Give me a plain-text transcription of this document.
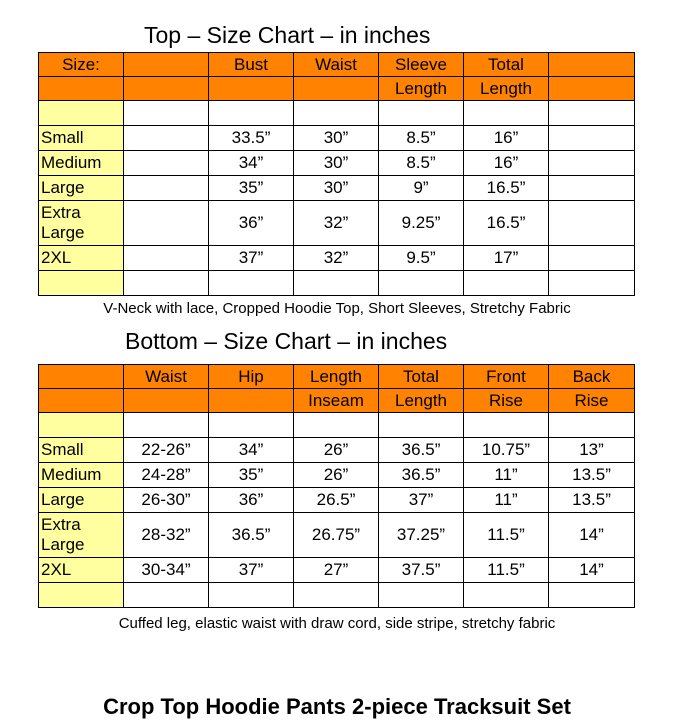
Top – Size Chart – in inches
Size:		Bust	Waist	Sleeve	Total	
				Length	Length	

Small		33.5”	30”	8.5”	16”	
Medium		34”	30”	8.5”	16”	
Large		35”	30”	9”	16.5”	
Extra Large		36”	32”	9.25”	16.5”	
2XL		37”	32”	9.5”	17”	

V-Neck with lace, Cropped Hoodie Top, Short Sleeves, Stretchy Fabric
Bottom – Size Chart – in inches
	Waist	Hip	Length	Total	Front	Back
			Inseam	Length	Rise	Rise

Small	22-26”	34”	26”	36.5”	10.75”	13”
Medium	24-28”	35”	26”	36.5”	11”	13.5”
Large	26-30”	36”	26.5”	37”	11”	13.5”
Extra Large	28-32”	36.5”	26.75”	37.25”	11.5”	14”
2XL	30-34”	37”	27”	37.5”	11.5”	14”

Cuffed leg, elastic waist with draw cord, side stripe, stretchy fabric
Crop Top Hoodie Pants 2-piece Tracksuit Set
